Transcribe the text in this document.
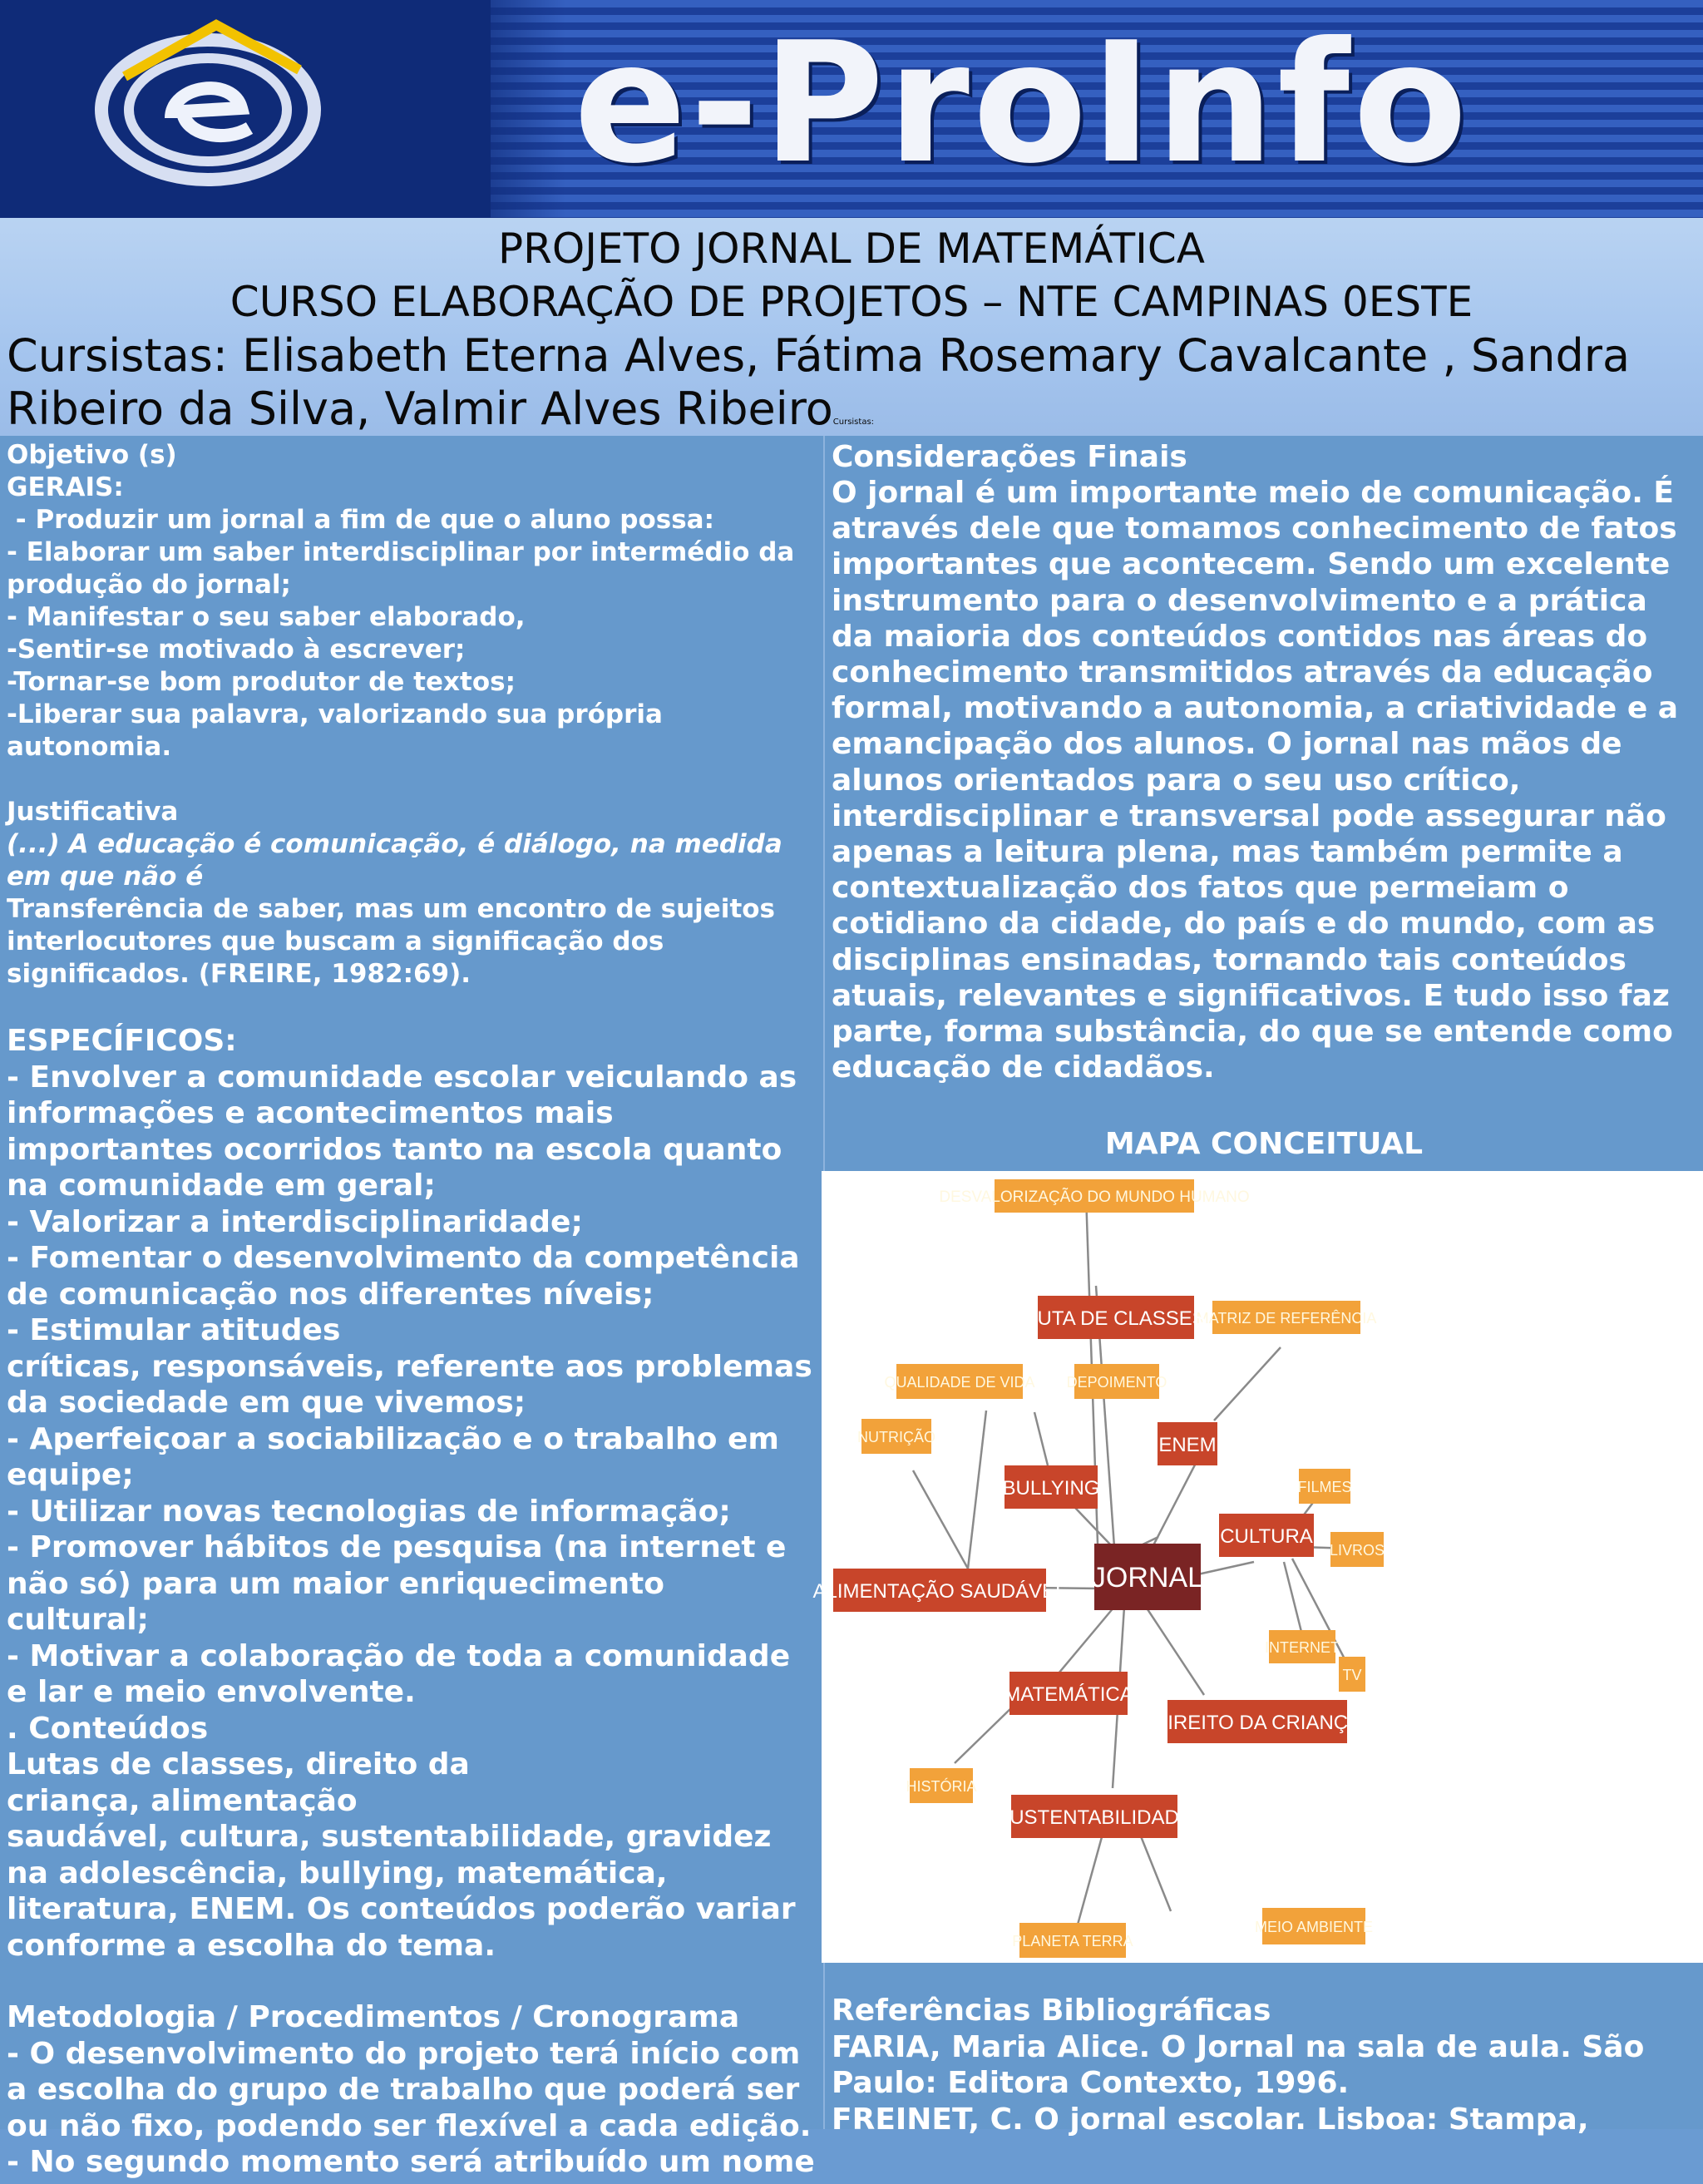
e-ProInfo
PROJETO JORNAL DE MATEMÁTICA
CURSO ELABORAÇÃO DE PROJETOS – NTE CAMPINAS 0ESTE
Cursistas: Elisabeth Eterna Alves, Fátima Rosemary Cavalcante , Sandra Ribeiro da Silva, Valmir Alves RibeiroCursistas:
Objetivo (s)
GERAIS:
- Produzir um jornal a fim de que o aluno possa:
- Elaborar um saber interdisciplinar por intermédio da produção do jornal;
- Manifestar o seu saber elaborado,
-Sentir-se motivado à escrever;
-Tornar-se bom produtor de textos;
-Liberar sua palavra, valorizando sua própria autonomia.
Justificativa
(...) A educação é comunicação, é diálogo, na medida em que não é
Transferência de saber, mas um encontro de sujeitos interlocutores que buscam a significação dos significados. (FREIRE, 1982:69).
ESPECÍFICOS:
- Envolver a comunidade escolar veiculando as informações e acontecimentos mais importantes ocorridos tanto na escola quanto na comunidade em geral;
- Valorizar a interdisciplinaridade;
- Fomentar o desenvolvimento da competência de comunicação nos diferentes níveis;
- Estimular atitudes
críticas, responsáveis, referente aos problemas da sociedade em que vivemos;
- Aperfeiçoar a sociabilização e o trabalho em equipe;
- Utilizar novas tecnologias de informação;
- Promover hábitos de pesquisa (na internet e não só) para um maior enriquecimento cultural;
- Motivar a colaboração de toda a comunidade e lar e meio envolvente.
. Conteúdos
Lutas de classes, direito da
criança, alimentação
saudável, cultura, sustentabilidade, gravidez na adolescência, bullying, matemática, literatura, ENEM. Os conteúdos poderão variar conforme a escolha do tema.
Metodologia / Procedimentos / Cronograma
- O desenvolvimento do projeto terá início com a escolha do grupo de trabalho que poderá ser ou não fixo, podendo ser flexível a cada edição.
- No segundo momento será atribuído um nome
Considerações Finais
O jornal é um importante meio de comunicação. É através dele que tomamos conhecimento de fatos importantes que acontecem. Sendo um excelente instrumento para o desenvolvimento e a prática da maioria dos conteúdos contidos nas áreas do conhecimento transmitidos através da educação formal, motivando a autonomia, a criatividade e a emancipação dos alunos. O jornal nas mãos de alunos orientados para o seu uso crítico, interdisciplinar e transversal pode assegurar não apenas a leitura plena, mas também permite a contextualização dos fatos que permeiam o cotidiano da cidade, do país e do mundo, com as disciplinas ensinadas, tornando tais conteúdos atuais, relevantes e significativos. E tudo isso faz parte, forma substância, do que se entende como educação de cidadãos.
MAPA CONCEITUAL
DESVALORIZAÇÃO DO MUNDO HUMANO
MATRIZ DE REFERÊNCIA
QUALIDADE DE VIDA DEPOIMENTO
NUTRIÇÃO
FILMES
LIVROS
INTERNET
TV
HISTÓRIA
MEIO AMBIENTE
PLANETA TERRA
LUTA DE CLASSES
BULLYING
ENEM
CULTURA
ALIMENTAÇÃO SAUDÁVEL
MATEMÁTICA
DIREITO DA CRIANÇA
SUSTENTABILIDADE
JORNAL
Referências Bibliográficas
FARIA, Maria Alice. O Jornal na sala de aula. São Paulo: Editora Contexto, 1996.
FREINET, C. O jornal escolar. Lisboa: Stampa,
